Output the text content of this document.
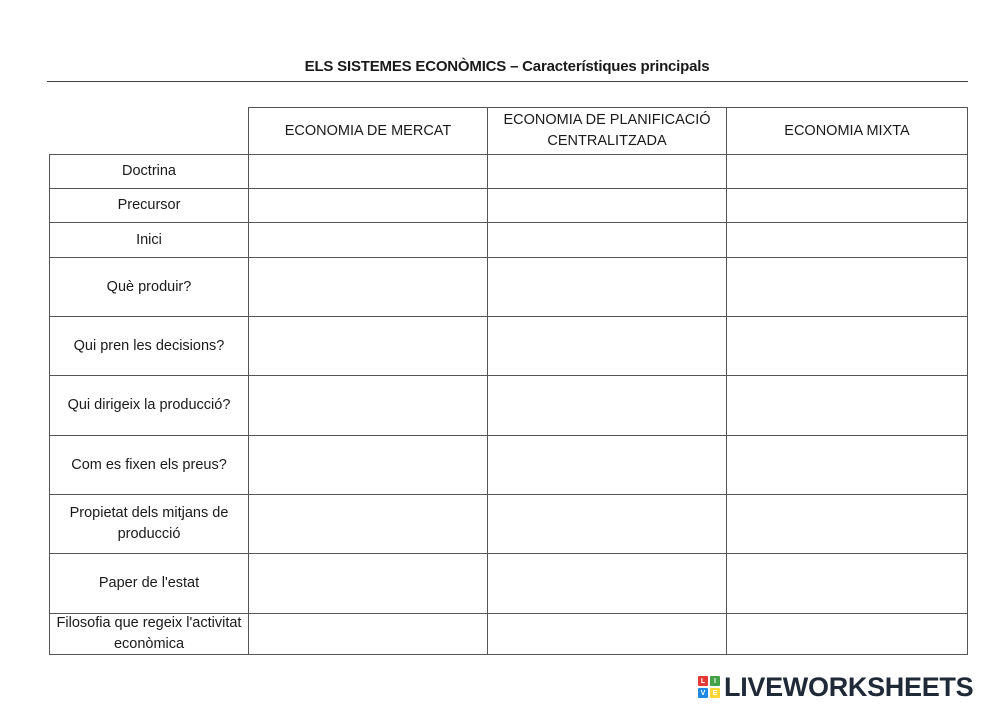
ELS SISTEMES ECONÒMICS – Característiques principals
ECONOMIA DE MERCAT
ECONOMIA DE PLANIFICACIÓ CENTRALITZADA
ECONOMIA MIXTA
Doctrina
Precursor
Inici
Què produir?
Qui pren les decisions?
Qui dirigeix la producció?
Com es fixen els preus?
Propietat dels mitjans de producció
Paper de l'estat
Filosofia que regeix l'activitat econòmica
L	I
V	E LIVEWORKSHEETS
